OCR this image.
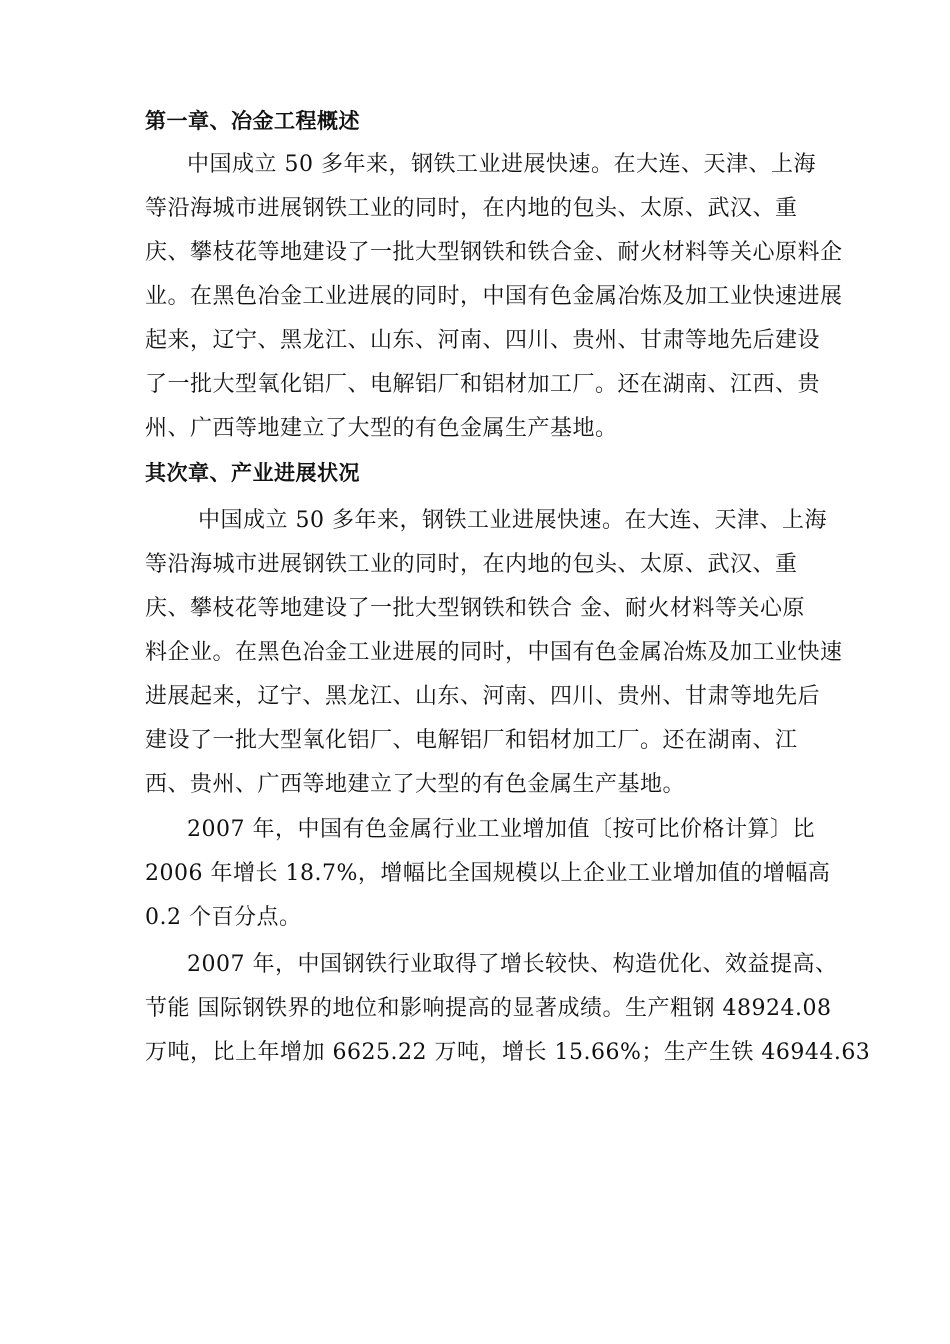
第一章、冶金工程概述
中国成立 50 多年来，钢铁工业进展快速。在大连、天津、上海
等沿海城市进展钢铁工业的同时，在内地的包头、太原、武汉、重
庆、攀枝花等地建设了一批大型钢铁和铁合金、耐火材料等关心原料企
业。在黑色冶金工业进展的同时，中国有色金属冶炼及加工业快速进展
起来，辽宁、黑龙江、山东、河南、四川、贵州、甘肃等地先后建设
了一批大型氧化铝厂、电解铝厂和铝材加工厂。还在湖南、江西、贵
州、广西等地建立了大型的有色金属生产基地。
其次章、产业进展状况
中国成立 50 多年来，钢铁工业进展快速。在大连、天津、上海
等沿海城市进展钢铁工业的同时，在内地的包头、太原、武汉、重
庆、攀枝花等地建设了一批大型钢铁和铁合 金、耐火材料等关心原
料企业。在黑色冶金工业进展的同时，中国有色金属冶炼及加工业快速
进展起来，辽宁、黑龙江、山东、河南、四川、贵州、甘肃等地先后
建设了一批大型氧化铝厂、电解铝厂和铝材加工厂。还在湖南、江
西、贵州、广西等地建立了大型的有色金属生产基地。
2007 年，中国有色金属行业工业增加值〔按可比价格计算〕比
2006 年增长 18.7%，增幅比全国规模以上企业工业增加值的增幅高
0.2 个百分点。
2007 年，中国钢铁行业取得了增长较快、构造优化、效益提高、
节能 国际钢铁界的地位和影响提高的显著成绩。生产粗钢 48924.08
万吨，比上年增加 6625.22 万吨，增长 15.66%；生产生铁 46944.63
